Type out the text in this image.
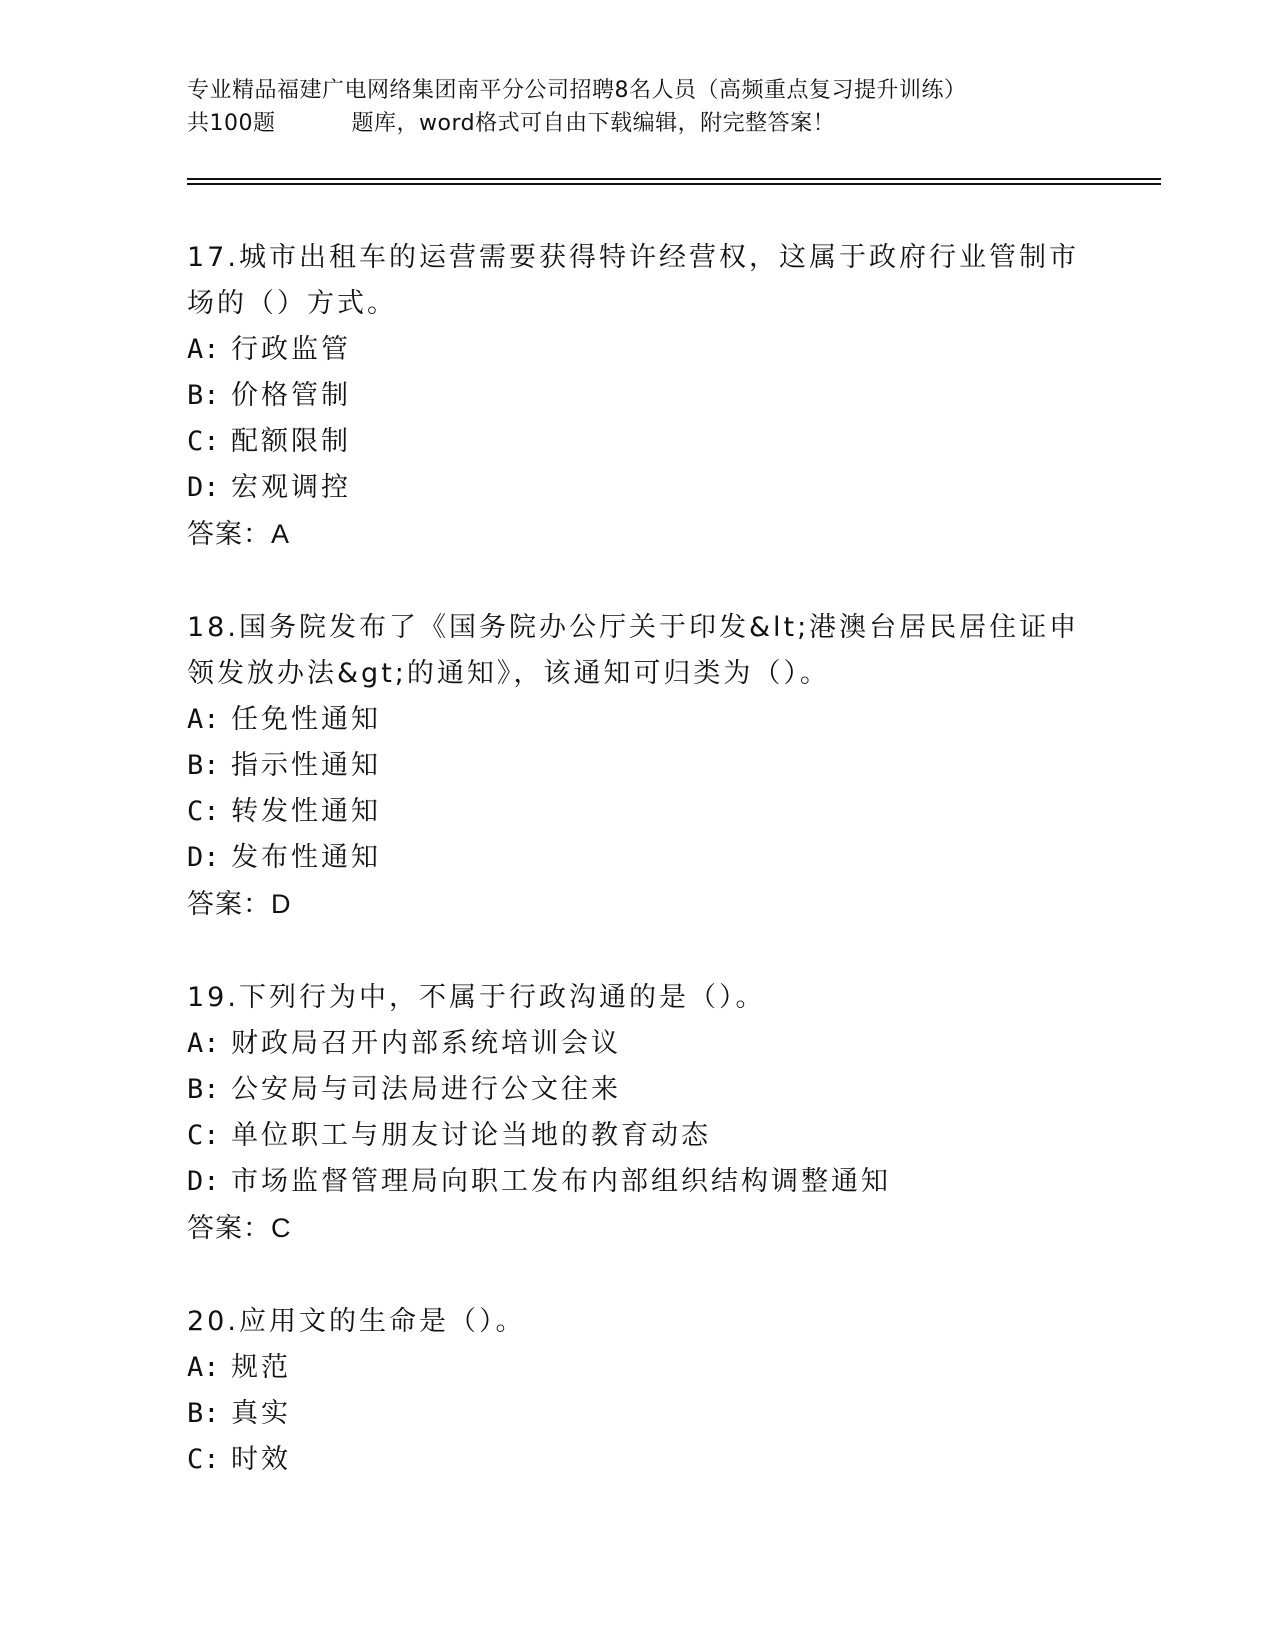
专业精品福建广电网络集团南平分公司招聘8名人员（高频重点复习提升训练）
共100题	题库，word格式可自由下载编辑，附完整答案！
17.城市出租车的运营需要获得特许经营权，这属于政府行业管制市场的（）方式。
A: 行政监管
B: 价格管制
C: 配额限制
D: 宏观调控
答案：A
18.国务院发布了《国务院办公厅关于印发&lt;港澳台居民居住证申领发放办法&gt;的通知》，该通知可归类为（）。
A: 任免性通知
B: 指示性通知
C: 转发性通知
D: 发布性通知
答案：D
19.下列行为中，不属于行政沟通的是（）。
A: 财政局召开内部系统培训会议
B: 公安局与司法局进行公文往来
C: 单位职工与朋友讨论当地的教育动态
D: 市场监督管理局向职工发布内部组织结构调整通知
答案：C
20.应用文的生命是（）。
A: 规范
B: 真实
C: 时效
